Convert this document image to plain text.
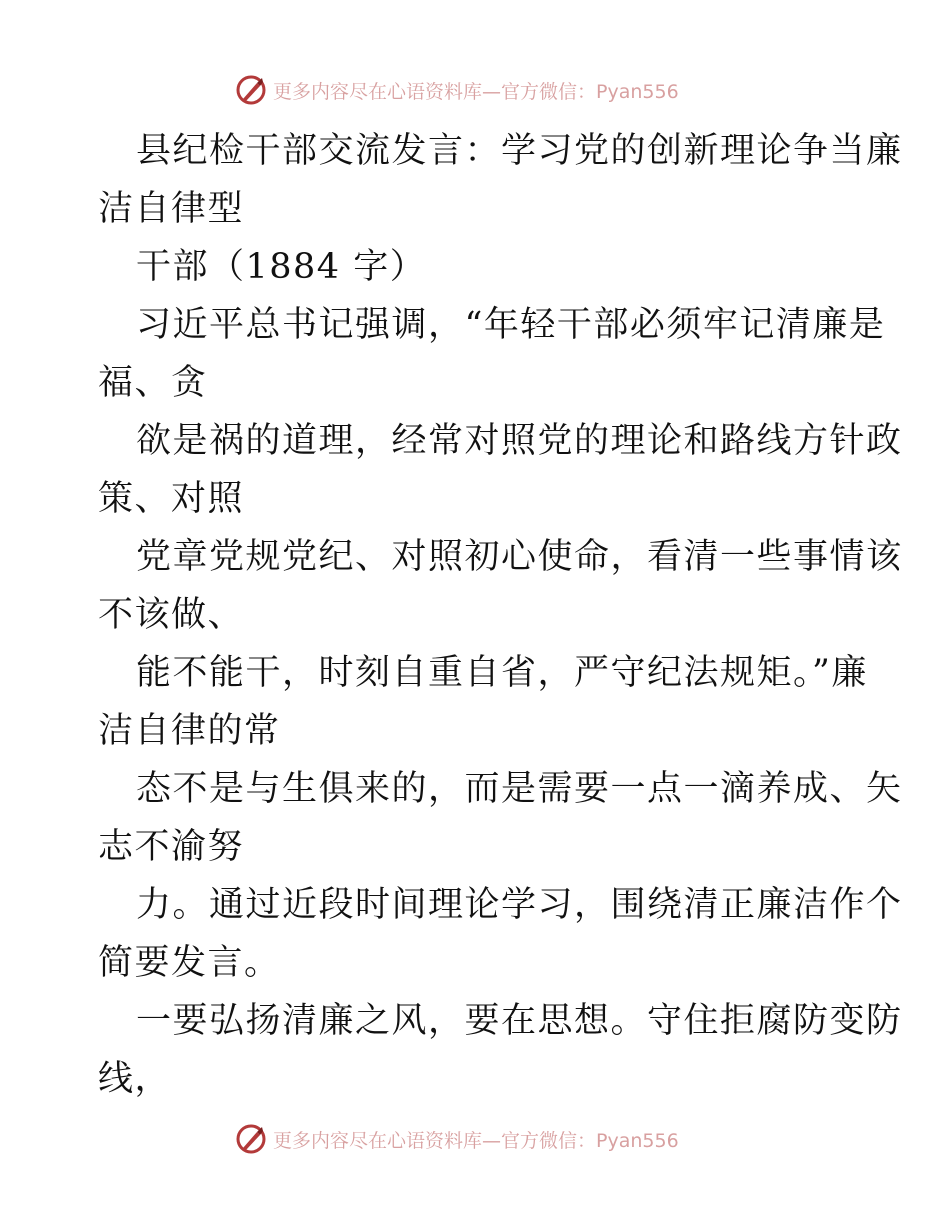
更多内容尽在心语资料库—官方微信：Pyan556
县纪检干部交流发言：学习党的创新理论争当廉
洁自律型
干部（1884 字）
习近平总书记强调，“年轻干部必须牢记清廉是
福、贪
欲是祸的道理，经常对照党的理论和路线方针政
策、对照
党章党规党纪、对照初心使命，看清一些事情该
不该做、
能不能干，时刻自重自省，严守纪法规矩。”廉
洁自律的常
态不是与生俱来的，而是需要一点一滴养成、矢
志不渝努
力。通过近段时间理论学习，围绕清正廉洁作个
简要发言。
一要弘扬清廉之风，要在思想。守住拒腐防变防
线，
更多内容尽在心语资料库—官方微信：Pyan556
